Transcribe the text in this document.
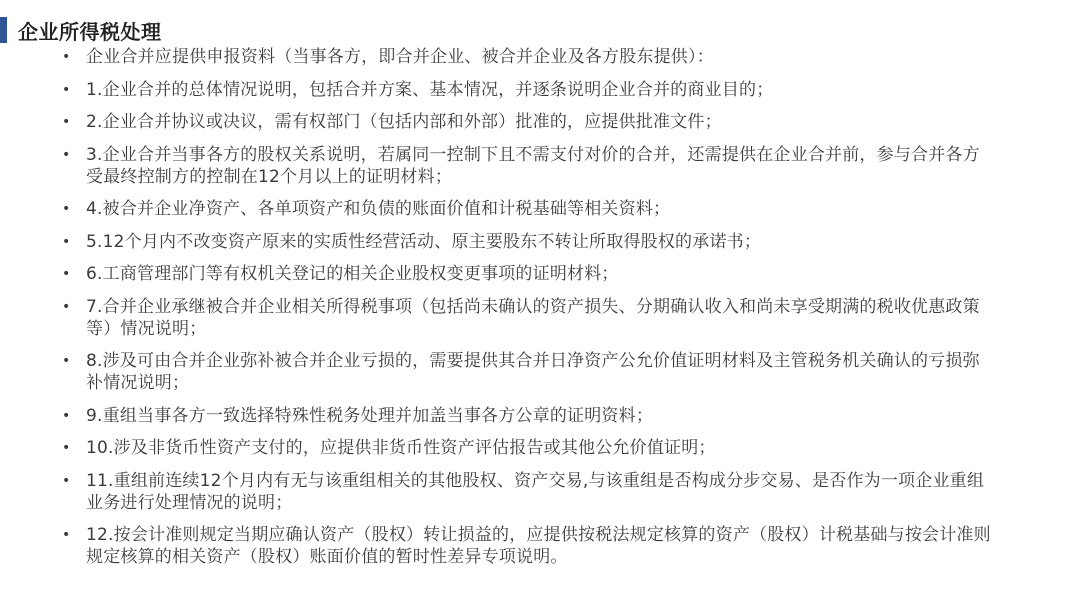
企业所得税处理
• 企业合并应提供申报资料（当事各方，即合并企业、被合并企业及各方股东提供）：
• 1.企业合并的总体情况说明，包括合并方案、基本情况，并逐条说明企业合并的商业目的；
• 2.企业合并协议或决议，需有权部门（包括内部和外部）批准的，应提供批准文件；
• 3.企业合并当事各方的股权关系说明，若属同一控制下且不需支付对价的合并，还需提供在企业合并前，参与合并各方受最终控制方的控制在12个月以上的证明材料；
• 4.被合并企业净资产、各单项资产和负债的账面价值和计税基础等相关资料；
• 5.12个月内不改变资产原来的实质性经营活动、原主要股东不转让所取得股权的承诺书；
• 6.工商管理部门等有权机关登记的相关企业股权变更事项的证明材料；
• 7.合并企业承继被合并企业相关所得税事项（包括尚未确认的资产损失、分期确认收入和尚未享受期满的税收优惠政策等）情况说明；
• 8.涉及可由合并企业弥补被合并企业亏损的，需要提供其合并日净资产公允价值证明材料及主管税务机关确认的亏损弥补情况说明；
• 9.重组当事各方一致选择特殊性税务处理并加盖当事各方公章的证明资料；
• 10.涉及非货币性资产支付的，应提供非货币性资产评估报告或其他公允价值证明；
• 11.重组前连续12个月内有无与该重组相关的其他股权、资产交易,与该重组是否构成分步交易、是否作为一项企业重组业务进行处理情况的说明；
• 12.按会计准则规定当期应确认资产（股权）转让损益的，应提供按税法规定核算的资产（股权）计税基础与按会计准则规定核算的相关资产（股权）账面价值的暂时性差异专项说明。
